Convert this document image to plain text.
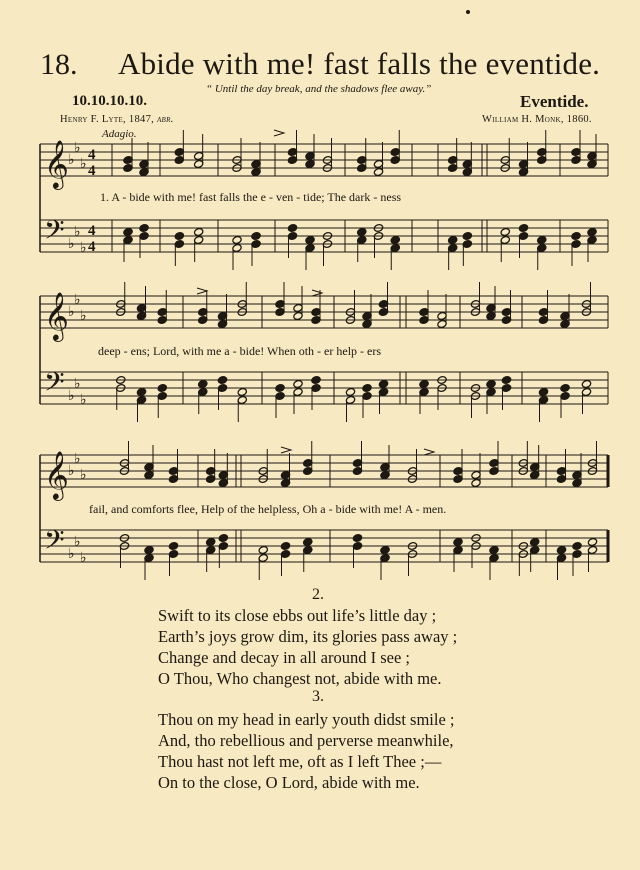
18. Abide with me! fast falls the eventide.
10.10.10.10.
“ Until the day break, and the shadows flee away.”
Eventide.
Henry F. Lyte, 1847, abr.	William H. Monk, 1860.
Adagio.
𝄞
𝄢
♭
♭
♭
♭
♭
♭
4
4
4
4
𝄞
𝄢
♭
♭
♭
♭
♭
♭
𝄞
𝄢
♭
♭
♭
♭
♭
♭
1. A - bide with me! fast falls the e - ven - tide; The dark - ness
deep - ens; Lord, with me a - bide! When oth - er help - ers
fail, and comforts flee, Help of the helpless, Oh a - bide with me! A - men.
2.
Swift to its close ebbs out life’s little day ;
Earth’s joys grow dim, its glories pass away ;
Change and decay in all around I see ;
O Thou, Who changest not, abide with me.
3.
Thou on my head in early youth didst smile ;
And, tho rebellious and perverse meanwhile,
Thou hast not left me, oft as I left Thee ;—
On to the close, O Lord, abide with me.
